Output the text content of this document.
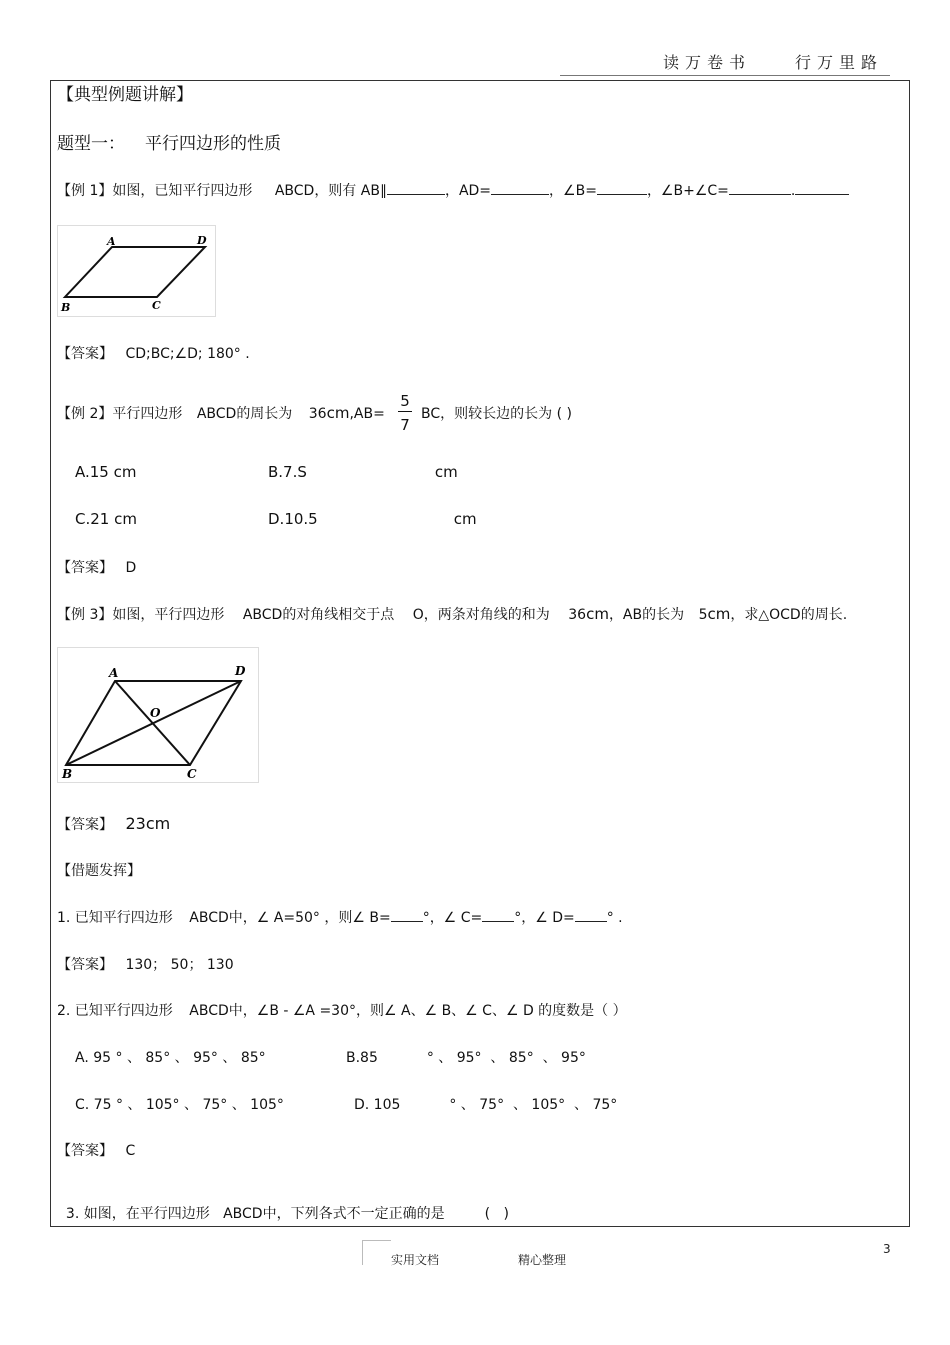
读万卷书	行万里路
【典型例题讲解】
题型一： 平行四边形的性质
【例 1】如图，已知平行四边形 ABCD，则有 AB∥	，AD=	，∠B=	，∠B+∠C=	.
A	D
B	C
【答案】 CD;BC;∠D; 180° .
【例 2】平行四边形 ABCD的周长为 36cm,AB=
5
7
BC，则较长边的长为 ( )
A.15 cm	B.7.S	cm
C.21 cm	D.10.5	cm
【答案】 D
【例 3】如图，平行四边形 ABCD的对角线相交于点 O，两条对角线的和为 36cm，AB的长为 5cm，求△OCD的周长.
A	D
B	C
O
【答案】 23cm
【借题发挥】
1. 已知平行四边形 ABCD中，∠ A=50° ，则∠ B= °，∠ C= °，∠ D= ° .
【答案】 130； 50； 130
2. 已知平行四边形 ABCD中，∠B - ∠A =30°，则∠ A、∠ B、∠ C、∠ D 的度数是（ ）
A. 95 ° 、 85° 、 95° 、 85°	B.85           ° 、 95°  、 85°  、 95°
C. 75 ° 、 105° 、 75° 、 105°	D. 105           ° 、 75°  、 105°  、 75°
【答案】 C

3. 如图，在平行四边形 ABCD中，下列各式不一定正确的是         (   )

实用文档	精心整理
3
